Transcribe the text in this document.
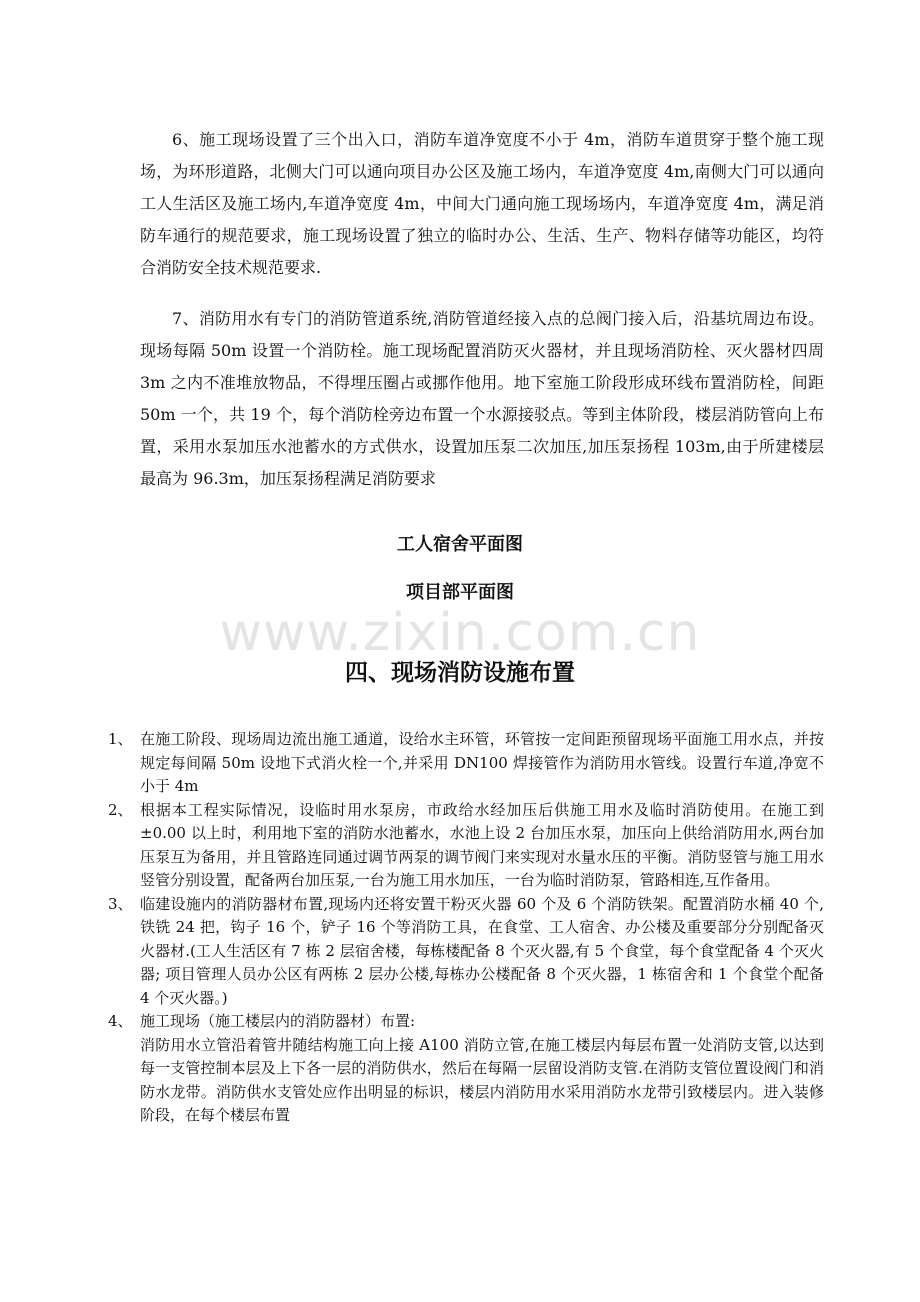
6、施工现场设置了三个出入口，消防车道净宽度不小于 4m，消防车道贯穿于整个施工现场，为环形道路，北侧大门可以通向项目办公区及施工场内，车道净宽度 4m,南侧大门可以通向工人生活区及施工场内,车道净宽度 4m，中间大门通向施工现场场内，车道净宽度 4m，满足消防车通行的规范要求，施工现场设置了独立的临时办公、生活、生产、物料存储等功能区，均符合消防安全技术规范要求.

7、消防用水有专门的消防管道系统,消防管道经接入点的总阀门接入后，沿基坑周边布设。现场每隔 50m 设置一个消防栓。施工现场配置消防灭火器材，并且现场消防栓、灭火器材四周 3m 之内不准堆放物品，不得埋压圈占或挪作他用。地下室施工阶段形成环线布置消防栓，间距 50m 一个，共 19 个，每个消防栓旁边布置一个水源接驳点。等到主体阶段，楼层消防管向上布置，采用水泵加压水池蓄水的方式供水，设置加压泵二次加压,加压泵扬程 103m,由于所建楼层最高为 96.3m，加压泵扬程满足消防要求

工人宿舍平面图
项目部平面图
www.zixin.com.cn
四、现场消防设施布置
1、 在施工阶段、现场周边流出施工通道，设给水主环管，环管按一定间距预留现场平面施工用水点，并按规定每间隔 50m 设地下式消火栓一个,并采用 DN100 焊接管作为消防用水管线。设置行车道,净宽不小于 4m
2、 根据本工程实际情况，设临时用水泵房，市政给水经加压后供施工用水及临时消防使用。在施工到±0.00 以上时，利用地下室的消防水池蓄水，水池上设 2 台加压水泵，加压向上供给消防用水,两台加压泵互为备用，并且管路连同通过调节两泵的调节阀门来实现对水量水压的平衡。消防竖管与施工用水竖管分别设置，配备两台加压泵,一台为施工用水加压，一台为临时消防泵，管路相连,互作备用。
3、 临建设施内的消防器材布置,现场内还将安置干粉灭火器 60 个及 6 个消防铁架。配置消防水桶 40 个,铁铣 24 把，钩子 16 个，铲子 16 个等消防工具，在食堂、工人宿舍、办公楼及重要部分分别配备灭火器材.(工人生活区有 7 栋 2 层宿舍楼，每栋楼配备 8 个灭火器,有 5 个食堂，每个食堂配备 4 个灭火器; 项目管理人员办公区有两栋 2 层办公楼,每栋办公楼配备 8 个灭火器，1 栋宿舍和 1 个食堂个配备 4 个灭火器。)
4、 施工现场（施工楼层内的消防器材）布置:
消防用水立管沿着管井随结构施工向上接 A100 消防立管,在施工楼层内每层布置一处消防支管,以达到每一支管控制本层及上下各一层的消防供水，然后在每隔一层留设消防支管.在消防支管位置设阀门和消防水龙带。消防供水支管处应作出明显的标识，楼层内消防用水采用消防水龙带引致楼层内。进入装修阶段，在每个楼层布置
